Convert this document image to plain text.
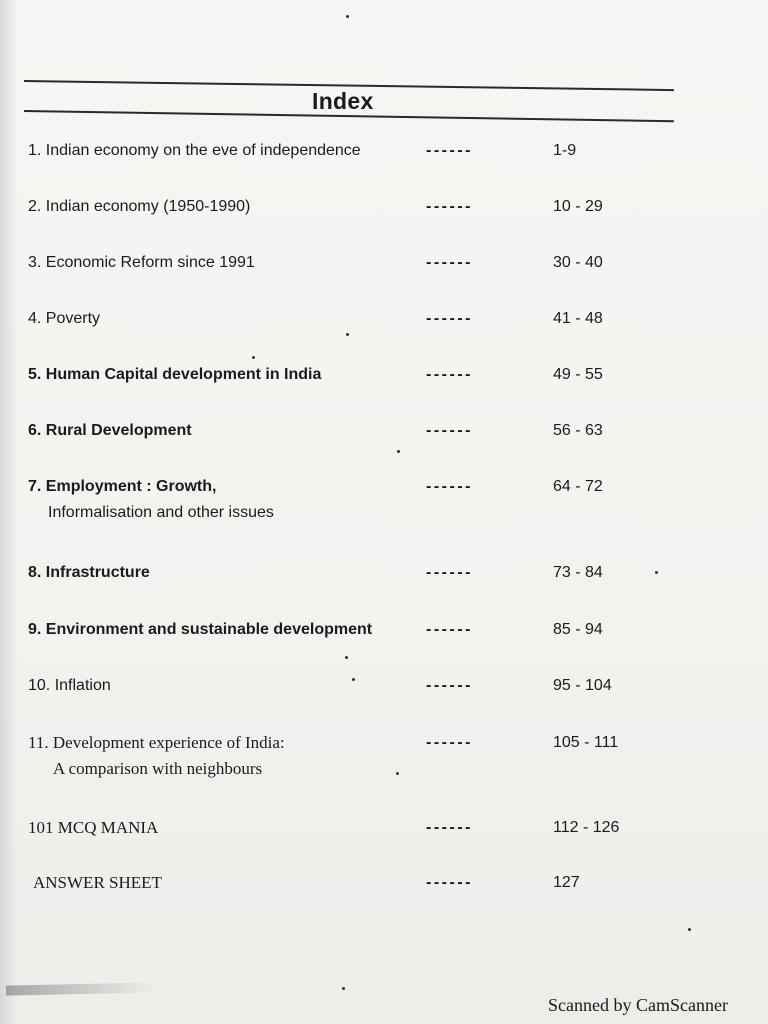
Index
1. Indian economy on the eve of independence	------	1-9
2. Indian economy (1950-1990)	------	10 - 29
3. Economic Reform since 1991	------	30 - 40
4. Poverty	------	41 - 48
5. Human Capital development in India	------	49 - 55
6. Rural Development	------	56 - 63
7. Employment : Growth,
Informalisation and other issues
------	64 - 72
8. Infrastructure	------	73 - 84
9. Environment and sustainable development	------	85 - 94
10. Inflation	------	95 - 104
11. Development experience of India:
A comparison with neighbours
------	105 - 111
101 MCQ MANIA	------	112 - 126
ANSWER SHEET	------	127
Scanned by CamScanner
